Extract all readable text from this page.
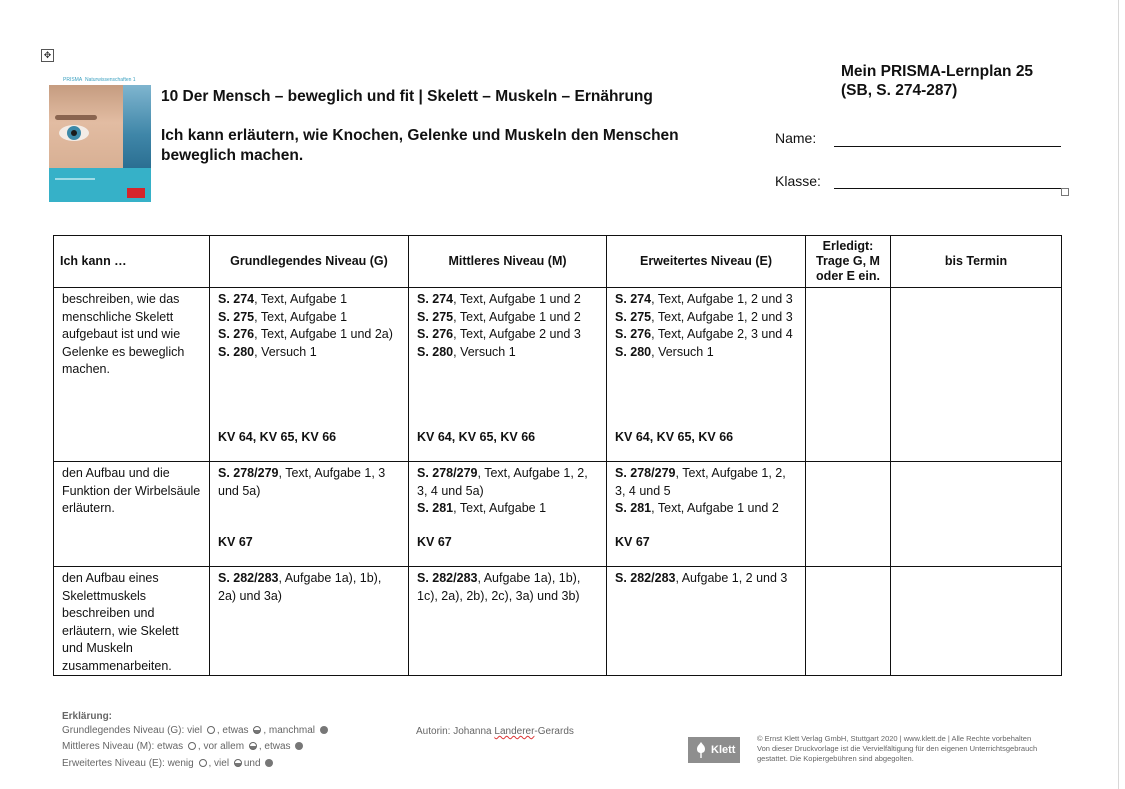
✥
PRISMA Naturwissenschaften 1
10 Der Mensch – beweglich und fit | Skelett – Muskeln – Ernährung
Ich kann erläutern, wie Knochen, Gelenke und Muskeln den Menschen
beweglich machen.
Mein PRISMA-Lernplan 25
(SB, S. 274-287)
Name:
Klasse:
Ich kann …	Grundlegendes Niveau (G)	Mittleres Niveau (M)	Erweitertes Niveau (E)	Erledigt: Trage G, M oder E ein.	bis Termin
beschreiben, wie das menschliche Skelett aufgebaut ist und wie Gelenke es beweglich machen.	S. 274, Text, Aufgabe 1
S. 275, Text, Aufgabe 1
S. 276, Text, Aufgabe 1 und 2a)
S. 280, Versuch 1
KV 64, KV 65, KV 66	S. 274, Text, Aufgabe 1 und 2
S. 275, Text, Aufgabe 1 und 2
S. 276, Text, Aufgabe 2 und 3
S. 280, Versuch 1
KV 64, KV 65, KV 66	S. 274, Text, Aufgabe 1, 2 und 3
S. 275, Text, Aufgabe 1, 2 und 3
S. 276, Text, Aufgabe 2, 3 und 4
S. 280, Versuch 1
KV 64, KV 65, KV 66		

den Aufbau und die Funktion der Wirbelsäule erläutern.	S. 278/279, Text, Aufgabe 1, 3 und 5a)
KV 67	S. 278/279, Text, Aufgabe 1, 2, 3, 4 und 5a)
S. 281, Text, Aufgabe 1
KV 67	S. 278/279, Text, Aufgabe 1, 2, 3, 4 und 5
S. 281, Text, Aufgabe 1 und 2
KV 67		

den Aufbau eines Skelettmuskels beschreiben und erläutern, wie Skelett und Muskeln zusammenarbeiten.	S. 282/283, Aufgabe 1a), 1b), 2a) und 3a)	S. 282/283, Aufgabe 1a), 1b), 1c), 2a), 2b), 2c), 3a) und 3b)	S. 282/283, Aufgabe 1, 2 und 3		

Erklärung:
Grundlegendes Niveau (G): viel , etwas , manchmal
Mittleres Niveau (M): etwas , vor allem , etwas
Erweitertes Niveau (E): wenig , viel und
Autorin: Johanna Landerer-Gerards
Klett
© Ernst Klett Verlag GmbH, Stuttgart 2020 | www.klett.de | Alle Rechte vorbehalten
Von dieser Druckvorlage ist die Vervielfältigung für den eigenen Unterrichtsgebrauch
gestattet. Die Kopiergebühren sind abgegolten.
